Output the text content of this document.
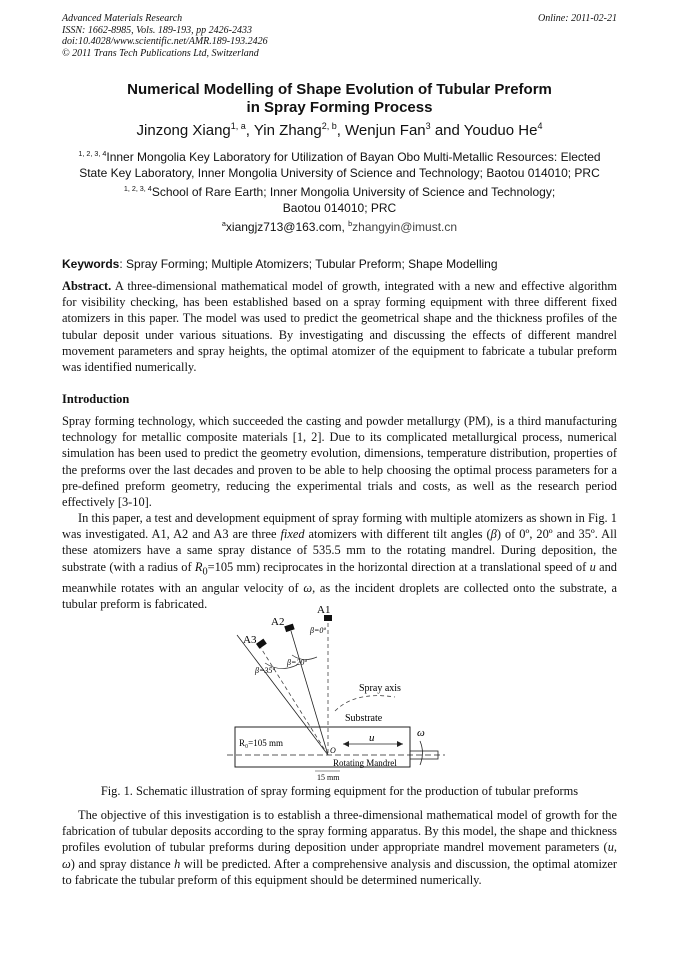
Advanced Materials Research
ISSN: 1662-8985, Vols. 189-193, pp 2426-2433
doi:10.4028/www.scientific.net/AMR.189-193.2426
© 2011 Trans Tech Publications Ltd, Switzerland
Online: 2011-02-21
Numerical Modelling of Shape Evolution of Tubular Preform
in Spray Forming Process
Jinzong Xiang$^{1, a}$, Yin Zhang$^{2, b}$, Wenjun Fan$^3$ and Youduo He$^4$
$^{1, 2, 3, 4}$Inner Mongolia Key Laboratory for Utilization of Bayan Obo Multi-Metallic Resources: Elected
State Key Laboratory, Inner Mongolia University of Science and Technology; Baotou 014010; PRC
$^{1, 2, 3, 4}$School of Rare Earth; Inner Mongolia University of Science and Technology;
Baotou 014010; PRC
$^a$xiangjz713@163.com, $^b$zhangyin@imust.cn
Keywords: Spray Forming; Multiple Atomizers; Tubular Preform; Shape Modelling
Abstract. A three-dimensional mathematical model of growth, integrated with a new and effective algorithm for visibility checking, has been established based on a spray forming equipment with three different fixed atomizers in this paper. The model was used to predict the geometrical shape and the thickness profiles of the tubular deposit under various situations. By investigating and discussing the effects of different mandrel movement parameters and spray heights, the optimal atomizer of the equipment to fabricate a tubular preform was identified numerically.
Introduction
Spray forming technology, which succeeded the casting and powder metallurgy (PM), is a third manufacturing technology for metallic composite materials [1, 2]. Due to its complicated metallurgical process, numerical simulation has been used to predict the geometry evolution, dimensions, temperature distribution, properties of the preforms over the last decades and proven to be able to help choosing the optimal process parameters for a pre-defined preform geometry, reducing the experimental trials and costs, as well as the research period effectively [3-10].
In this paper, a test and development equipment of spray forming with multiple atomizers as shown in Fig. 1 was investigated. A1, A2 and A3 are three fixed atomizers with different tilt angles (β) of 0º, 20º and 35º. All these atomizers have a same spray distance of 535.5 mm to the rotating mandrel. During deposition, the substrate (with a radius of $R_0=105$ mm) reciprocates in the horizontal direction at a translational speed of u and meanwhile rotates with an angular velocity of ω, as the incident droplets are collected onto the substrate, a tubular preform is fabricated.	A1
A2
A3
β=0º
β=20º
β=35º
Spray axis
Substrate
R₀=105 mm	u	ω
O
Rotating Mandrel
15 mm
Fig. 1. Schematic illustration of spray forming equipment for the production of tubular preforms
The objective of this investigation is to establish a three-dimensional mathematical model of growth for the fabrication of tubular deposits according to the spray forming apparatus. By this model, the shape and thickness profiles evolution of tubular preforms during deposition under appropriate mandrel movement parameters (u, ω) and spray distance h will be predicted. After a comprehensive analysis and discussion, the optimal atomizer to fabricate the tubular preform of this equipment should be determined numerically.
